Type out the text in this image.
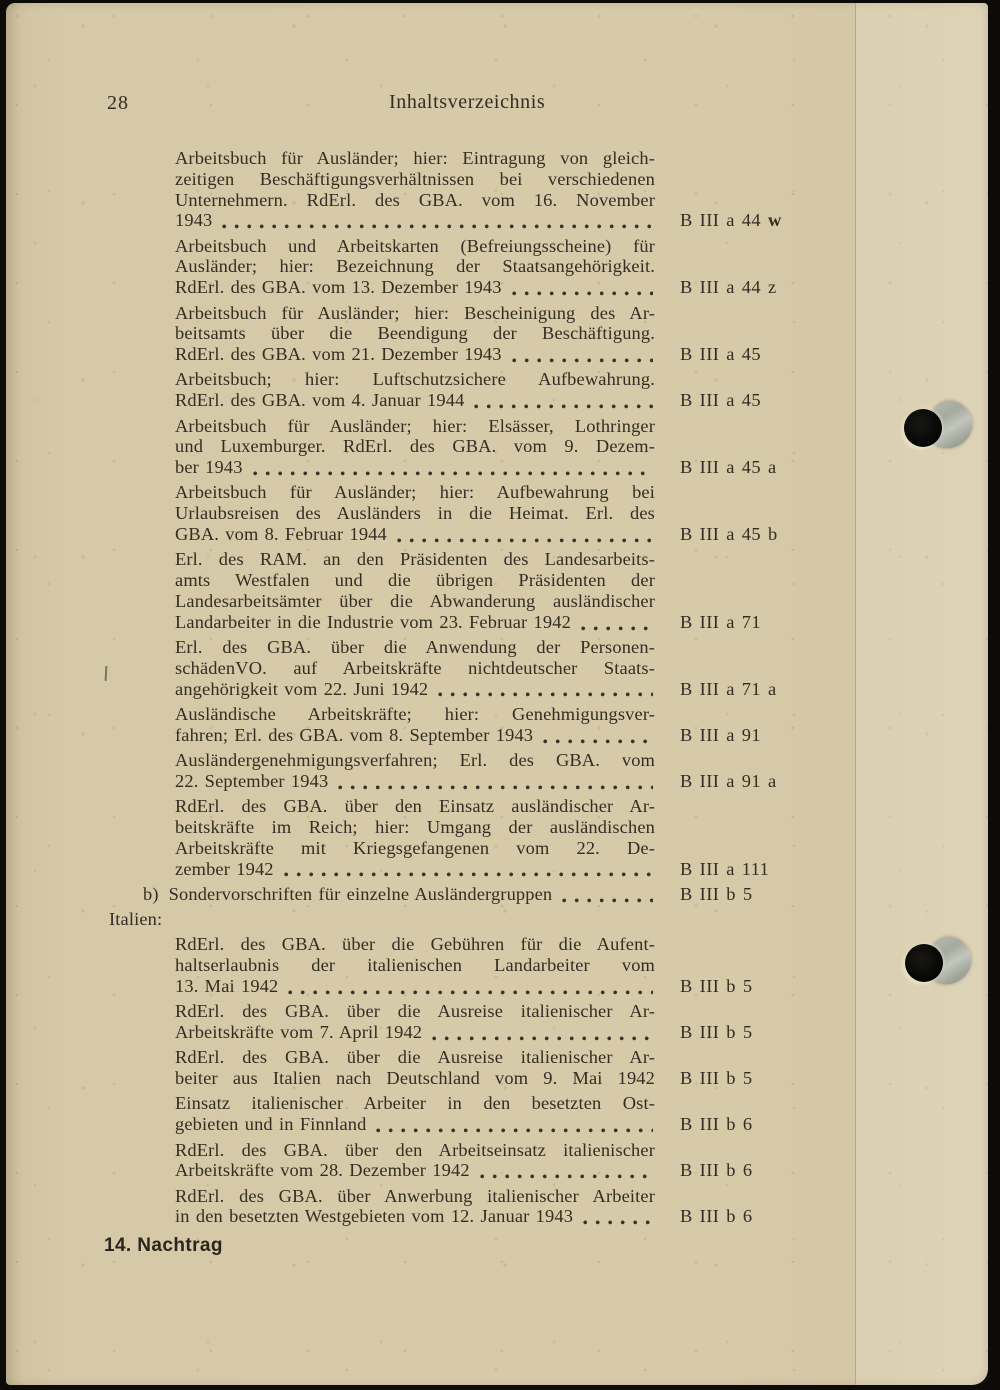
28	Inhaltsverzeichnis
Arbeitsbuch für Ausländer; hier: Eintragung von gleich-
zeitigen Beschäftigungsverhältnissen bei verschiedenen
Unternehmern. RdErl. des GBA. vom 16. November
1943	B III a 44 w
Arbeitsbuch und Arbeitskarten (Befreiungsscheine) für
Ausländer; hier: Bezeichnung der Staatsangehörigkeit.
RdErl. des GBA. vom 13. Dezember 1943	B III a 44 z
Arbeitsbuch für Ausländer; hier: Bescheinigung des Ar-
beitsamts über die Beendigung der Beschäftigung.
RdErl. des GBA. vom 21. Dezember 1943	B III a 45
Arbeitsbuch; hier: Luftschutzsichere Aufbewahrung.
RdErl. des GBA. vom 4. Januar 1944	B III a 45
Arbeitsbuch für Ausländer; hier: Elsässer, Lothringer
und Luxemburger. RdErl. des GBA. vom 9. Dezem-
ber 1943	B III a 45 a
Arbeitsbuch für Ausländer; hier: Aufbewahrung bei
Urlaubsreisen des Ausländers in die Heimat. Erl. des
GBA. vom 8. Februar 1944	B III a 45 b
Erl. des RAM. an den Präsidenten des Landesarbeits-
amts Westfalen und die übrigen Präsidenten der
Landesarbeitsämter über die Abwanderung ausländischer
Landarbeiter in die Industrie vom 23. Februar 1942	B III a 71
Erl. des GBA. über die Anwendung der Personen-
schädenVO. auf Arbeitskräfte nichtdeutscher Staats-
angehörigkeit vom 22. Juni 1942	B III a 71 a
Ausländische Arbeitskräfte; hier: Genehmigungsver-
fahren; Erl. des GBA. vom 8. September 1943	B III a 91
Ausländergenehmigungsverfahren; Erl. des GBA. vom
22. September 1943	B III a 91 a
RdErl. des GBA. über den Einsatz ausländischer Ar-
beitskräfte im Reich; hier: Umgang der ausländischen
Arbeitskräfte mit Kriegsgefangenen vom 22. De-
zember 1942	B III a 111
b) Sondervorschriften für einzelne Ausländergruppen	B III b 5
Italien:
RdErl. des GBA. über die Gebühren für die Aufent-
haltserlaubnis der italienischen Landarbeiter vom
13. Mai 1942	B III b 5
RdErl. des GBA. über die Ausreise italienischer Ar-
Arbeitskräfte vom 7. April 1942	B III b 5
RdErl. des GBA. über die Ausreise italienischer Ar-
beiter aus Italien nach Deutschland vom 9. Mai 1942 B III b 5
Einsatz italienischer Arbeiter in den besetzten Ost-
gebieten und in Finnland	B III b 6
RdErl. des GBA. über den Arbeitseinsatz italienischer
Arbeitskräfte vom 28. Dezember 1942	B III b 6
RdErl. des GBA. über Anwerbung italienischer Arbeiter
in den besetzten Westgebieten vom 12. Januar 1943	B III b 6
14. Nachtrag
